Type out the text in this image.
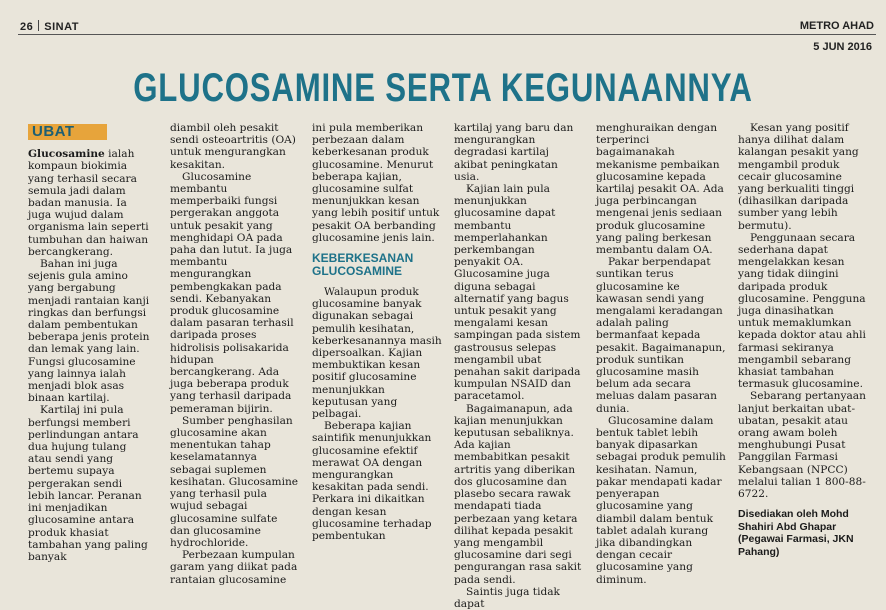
26 SINAT	METRO AHAD
5 JUN 2016
GLUCOSAMINE SERTA KEGUNAANNYA
UBAT

Glucosamine ialah kompaun biokimia yang terhasil secara semula jadi dalam badan manusia. Ia juga wujud dalam organisma lain seperti tumbuhan dan haiwan bercangkerang.

Bahan ini juga sejenis gula amino yang bergabung menjadi rantaian kanji ringkas dan berfungsi dalam pembentukan beberapa jenis protein dan lemak yang lain. Fungsi glucosamine yang lainnya ialah menjadi blok asas binaan kartilaj.

Kartilaj ini pula berfungsi memberi perlindungan antara dua hujung tulang atau sendi yang bertemu supaya pergerakan sendi lebih lancar. Peranan ini menjadikan glucosamine antara produk khasiat tambahan yang paling banyak

diambil oleh pesakit sendi osteoartritis (OA) untuk mengurangkan kesakitan.

Glucosamine membantu memperbaiki fungsi pergerakan anggota untuk pesakit yang menghidapi OA pada paha dan lutut. Ia juga membantu mengurangkan pembengkakan pada sendi. Kebanyakan produk glucosamine dalam pasaran terhasil daripada proses hidrolisis polisakarida hidupan bercangkerang. Ada juga beberapa produk yang terhasil daripada pemeraman bijirin.

Sumber penghasilan glucosamine akan menentukan tahap keselamatannya sebagai suplemen kesihatan. Glucosamine yang terhasil pula wujud sebagai glucosamine sulfate dan glucosamine hydrochloride.

Perbezaan kumpulan garam yang diikat pada rantaian glucosamine

ini pula memberikan perbezaan dalam keberkesanan produk glucosamine. Menurut beberapa kajian, glucosamine sulfat menunjukkan kesan yang lebih positif untuk pesakit OA berbanding glucosamine jenis lain.

KEBERKESANAN GLUCOSAMINE

Walaupun produk glucosamine banyak digunakan sebagai pemulih kesihatan, keberkesanannya masih dipersoalkan. Kajian membuktikan kesan positif glucosamine menunjukkan keputusan yang pelbagai.

Beberapa kajian saintifik menunjukkan glucosamine efektif merawat OA dengan mengurangkan kesakitan pada sendi. Perkara ini dikaitkan dengan kesan glucosamine terhadap pembentukan

kartilaj yang baru dan mengurangkan degradasi kartilaj akibat peningkatan usia.

Kajian lain pula menunjukkan glucosamine dapat membantu memperlahankan perkembangan penyakit OA. Glucosamine juga diguna sebagai alternatif yang bagus untuk pesakit yang mengalami kesan sampingan pada sistem gastrousus selepas mengambil ubat penahan sakit daripada kumpulan NSAID dan paracetamol.

Bagaimanapun, ada kajian menunjukkan keputusan sebaliknya. Ada kajian membabitkan pesakit artritis yang diberikan dos glucosamine dan plasebo secara rawak mendapati tiada perbezaan yang ketara dilihat kepada pesakit yang mengambil glucosamine dari segi pengurangan rasa sakit pada sendi.

Saintis juga tidak dapat

menghuraikan dengan terperinci bagaimanakah mekanisme pembaikan glucosamine kepada kartilaj pesakit OA. Ada juga perbincangan mengenai jenis sediaan produk glucosamine yang paling berkesan membantu dalam OA.

Pakar berpendapat suntikan terus glucosamine ke kawasan sendi yang mengalami keradangan adalah paling bermanfaat kepada pesakit. Bagaimanapun, produk suntikan glucosamine masih belum ada secara meluas dalam pasaran dunia.

Glucosamine dalam bentuk tablet lebih banyak dipasarkan sebagai produk pemulih kesihatan. Namun, pakar mendapati kadar penyerapan glucosamine yang diambil dalam bentuk tablet adalah kurang jika dibandingkan dengan cecair glucosamine yang diminum.

Kesan yang positif hanya dilihat dalam kalangan pesakit yang mengambil produk cecair glucosamine yang berkualiti tinggi (dihasilkan daripada sumber yang lebih bermutu).

Penggunaan secara sederhana dapat mengelakkan kesan yang tidak diingini daripada produk glucosamine. Pengguna juga dinasihatkan untuk memaklumkan kepada doktor atau ahli farmasi sekiranya mengambil sebarang khasiat tambahan termasuk glucosamine.

Sebarang pertanyaan lanjut berkaitan ubat-ubatan, pesakit atau orang awam boleh menghubungi Pusat Panggilan Farmasi Kebangsaan (NPCC) melalui talian 1 800-88-6722.

Disediakan oleh Mohd Shahiri Abd Ghapar (Pegawai Farmasi, JKN Pahang)
